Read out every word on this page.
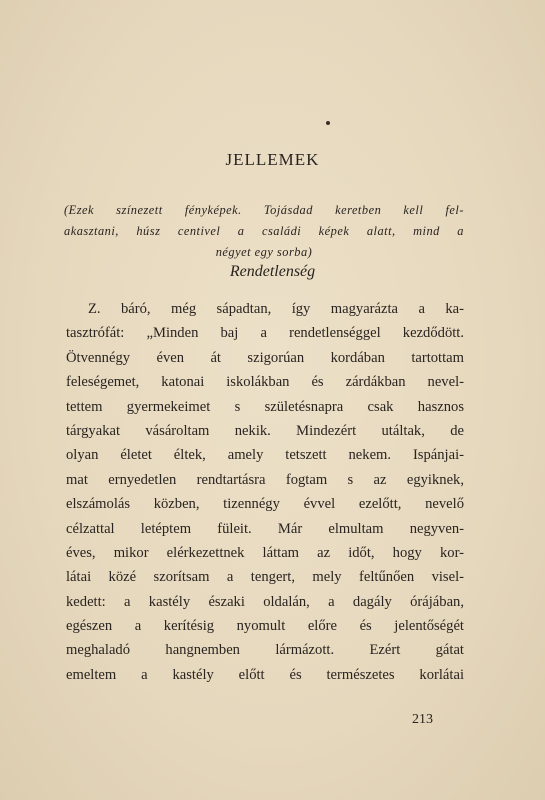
JELLEMEK
(Ezek színezett fényképek. Tojásdad keretben kell fel-
akasztani, húsz centivel a családi képek alatt, mind a
négyet egy sorba)
Rendetlenség
Z. báró, még sápadtan, így magyarázta a ka-
tasztrófát: „Minden baj a rendetlenséggel kezdődött.
Ötvennégy éven át szigorúan kordában tartottam
feleségemet, katonai iskolákban és zárdákban nevel-
tettem gyermekeimet s születésnapra csak hasznos
tárgyakat vásároltam nekik. Mindezért utáltak, de
olyan életet éltek, amely tetszett nekem. Ispánjai-
mat ernyedetlen rendtartásra fogtam s az egyiknek,
elszámolás közben, tizennégy évvel ezelőtt, nevelő
célzattal letéptem füleit. Már elmultam negyven-
éves, mikor elérkezettnek láttam az időt, hogy kor-
látai közé szorítsam a tengert, mely feltűnően visel-
kedett: a kastély északi oldalán, a dagály órájában,
egészen a kerítésig nyomult előre és jelentőségét
meghaladó hangnemben lármázott. Ezért gátat
emeltem a kastély előtt és természetes korlátai
213
